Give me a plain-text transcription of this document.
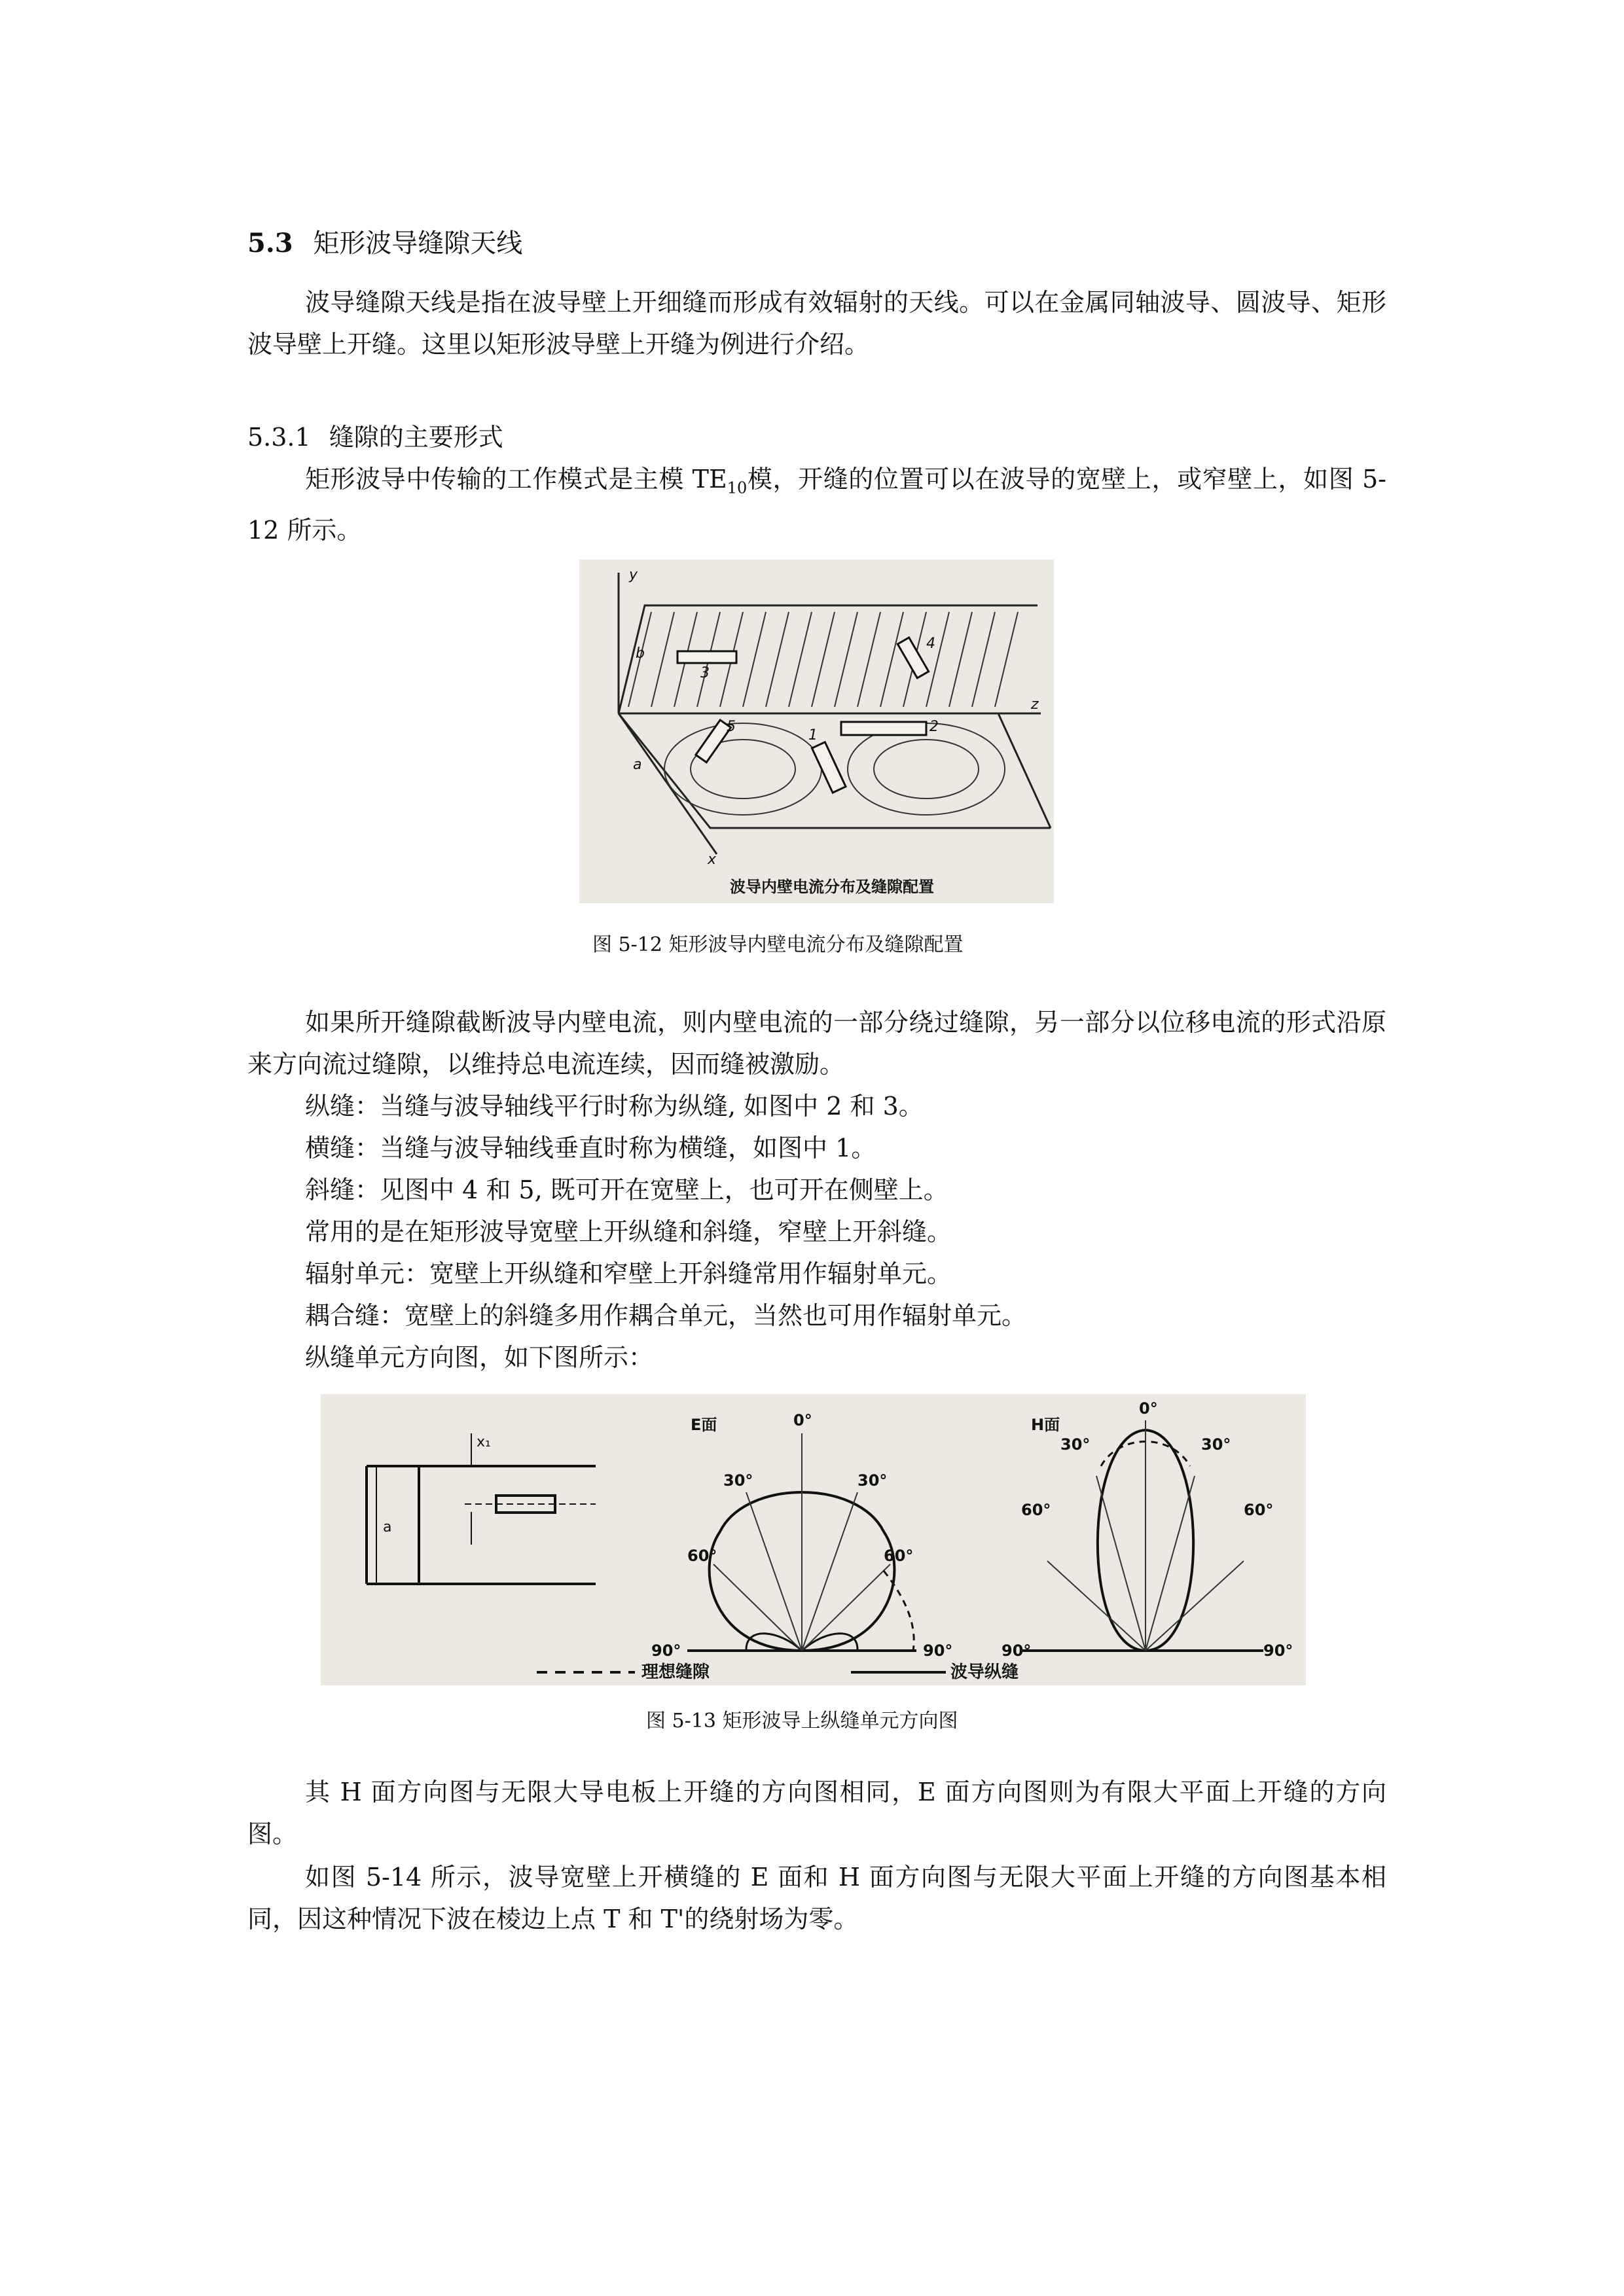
5.3 矩形波导缝隙天线
波导缝隙天线是指在波导壁上开细缝而形成有效辐射的天线。可以在金属同轴波导、圆波导、矩形波导壁上开缝。这里以矩形波导壁上开缝为例进行介绍。
5.3.1 缝隙的主要形式
矩形波导中传输的工作模式是主模 $TE_{10}$模，开缝的位置可以在波导的宽壁上，或窄壁上，如图 5-12 所示。
y
z
x
b
a
3
4
5
1
2
波导内壁电流分布及缝隙配置
图 5-12 矩形波导内壁电流分布及缝隙配置
如果所开缝隙截断波导内壁电流，则内壁电流的一部分绕过缝隙，另一部分以位移电流的形式沿原来方向流过缝隙，以维持总电流连续，因而缝被激励。
纵缝：当缝与波导轴线平行时称为纵缝, 如图中 2 和 3。
横缝：当缝与波导轴线垂直时称为横缝，如图中 1。
斜缝：见图中 4 和 5, 既可开在宽壁上，也可开在侧壁上。
常用的是在矩形波导宽壁上开纵缝和斜缝，窄壁上开斜缝。
辐射单元：宽壁上开纵缝和窄壁上开斜缝常用作辐射单元。
耦合缝：宽壁上的斜缝多用作耦合单元，当然也可用作辐射单元。
纵缝单元方向图，如下图所示：
x₁
a
E面	0°
30°	30°
60°	60°
90°	90°
H面
0°
30°	30°
60°	60°
90°	90°
理想缝隙	波导纵缝
图 5-13 矩形波导上纵缝单元方向图
其 H 面方向图与无限大导电板上开缝的方向图相同，E 面方向图则为有限大平面上开缝的方向图。
如图 5-14 所示，波导宽壁上开横缝的 E 面和 H 面方向图与无限大平面上开缝的方向图基本相同，因这种情况下波在棱边上点 T 和 T'的绕射场为零。
